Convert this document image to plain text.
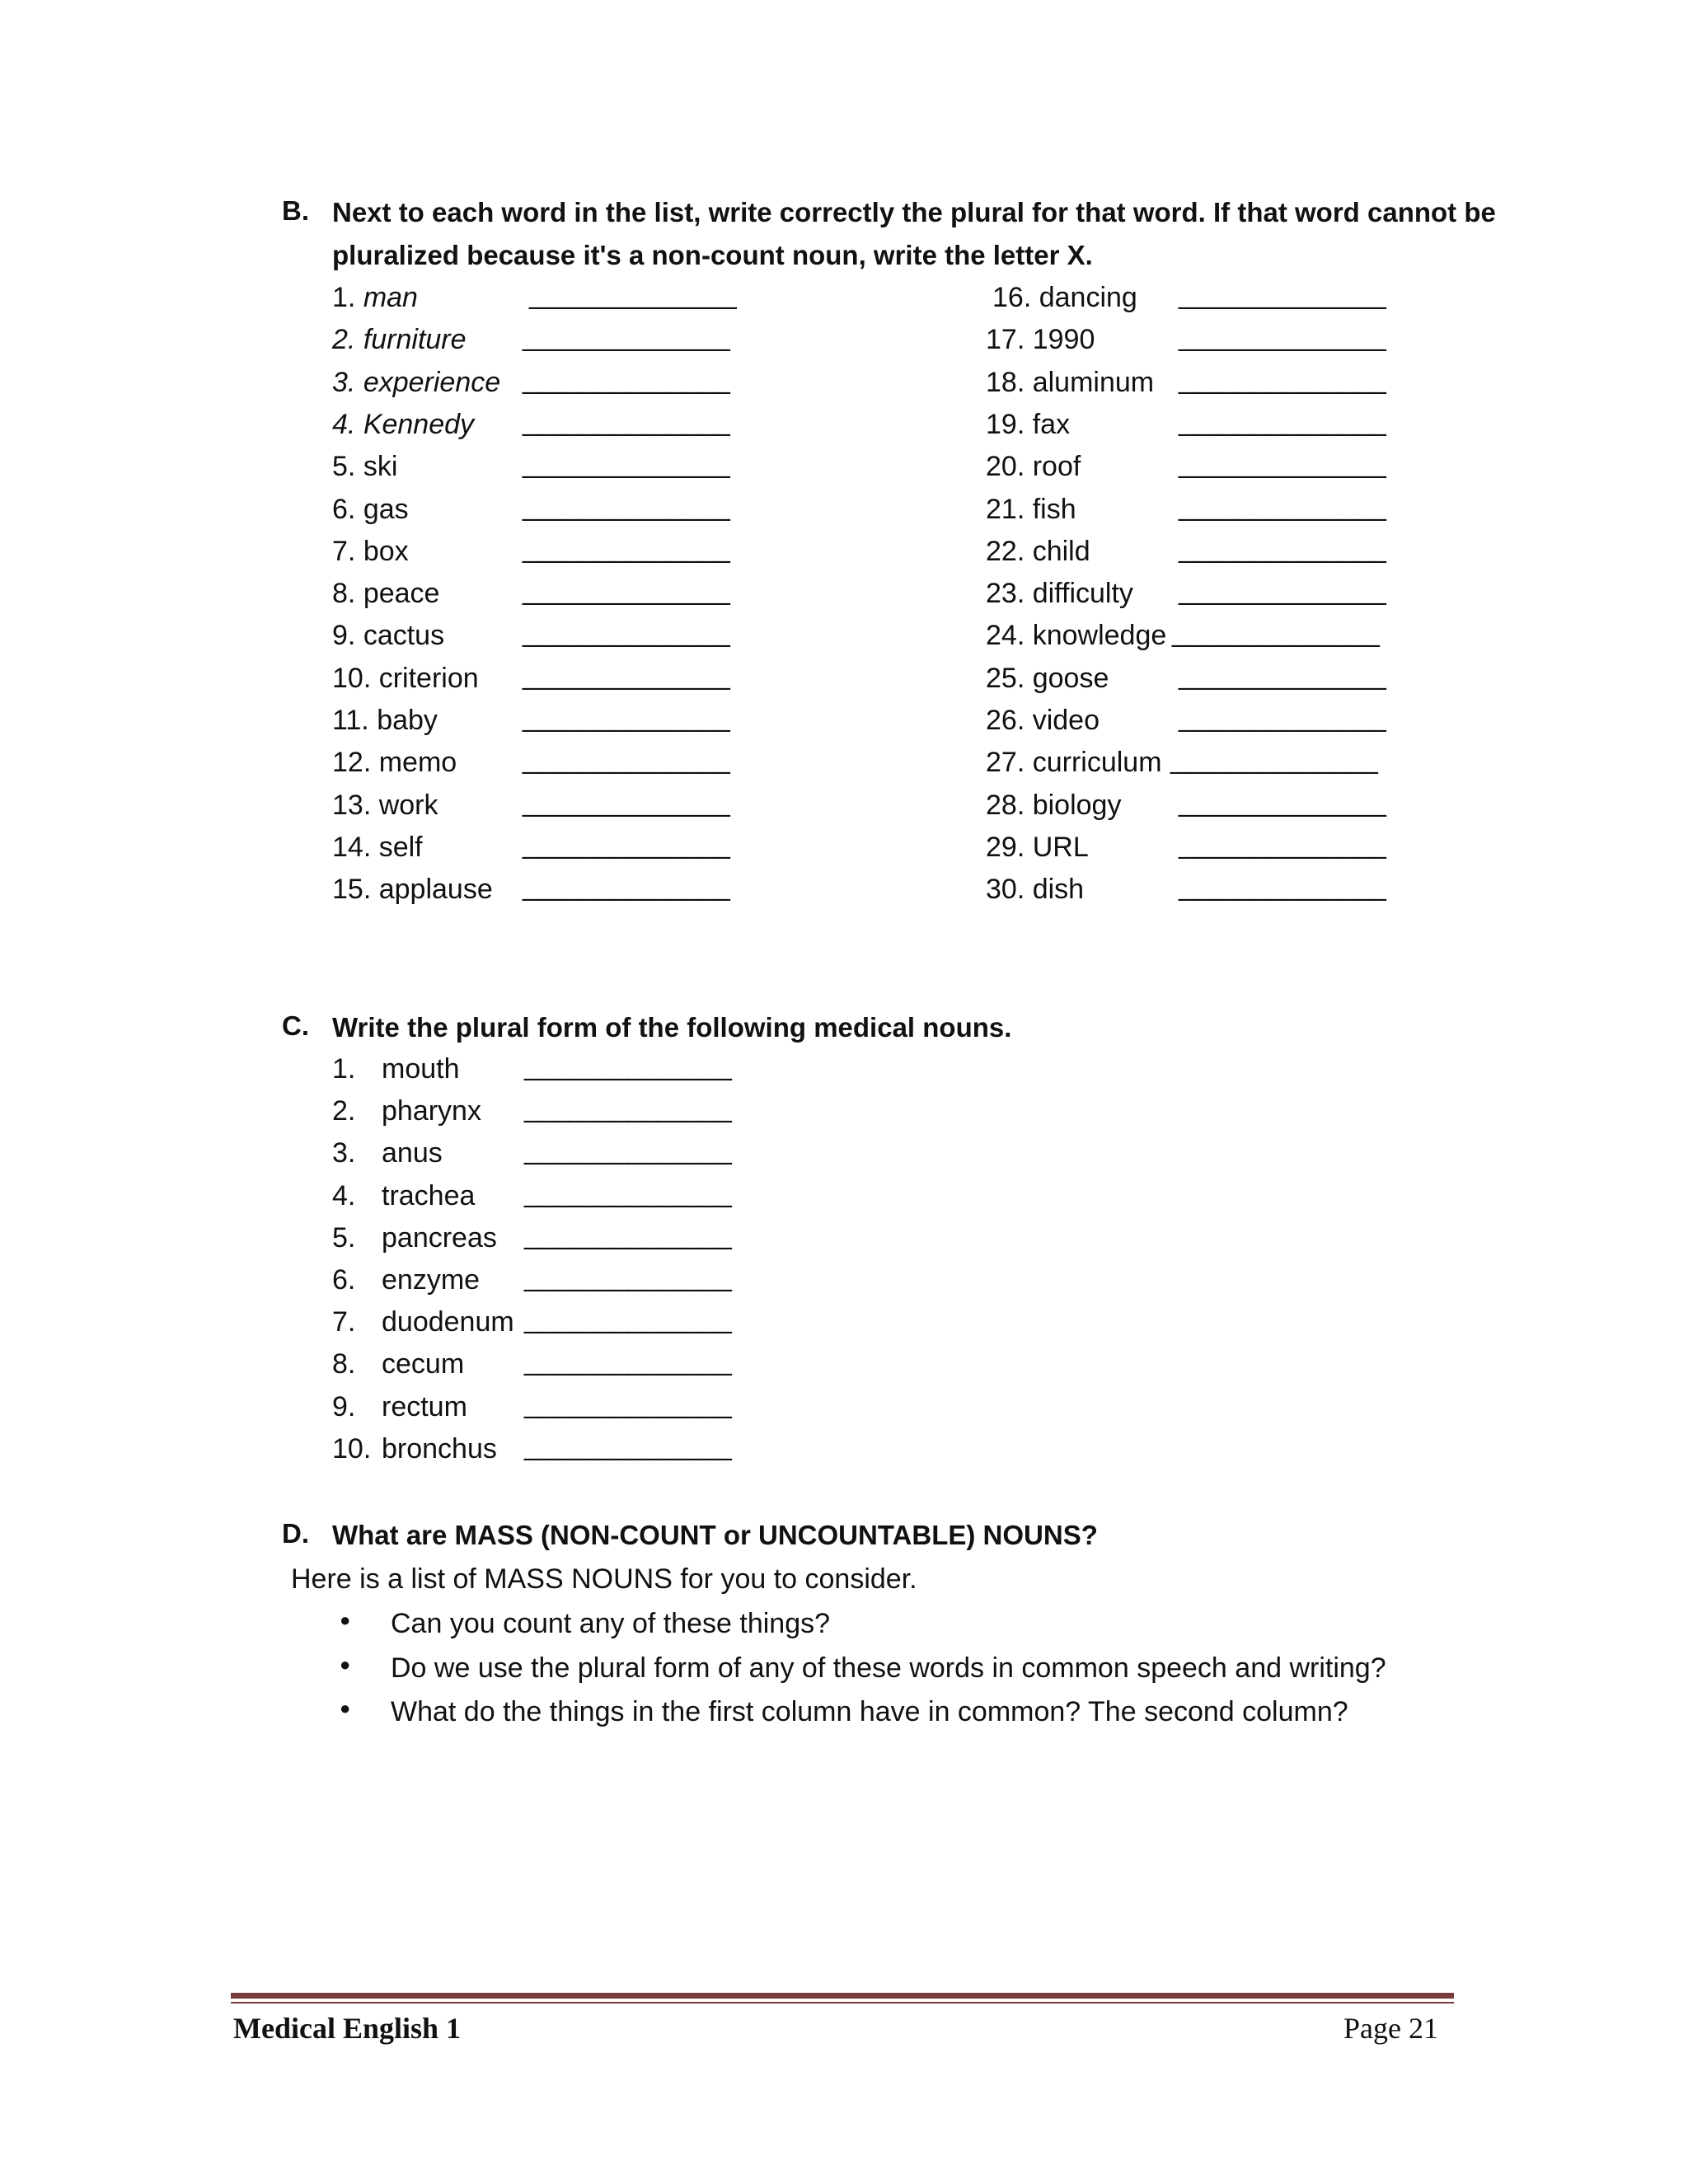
B. Next to each word in the list, write correctly the plural for that word. If that word cannot be pluralized because it's a non-count noun, write the letter X.
1. man	______________
2. furniture ______________
3. experience ______________
4. Kennedy ______________
5. ski	______________
6. gas	______________
7. box	______________
8. peace	______________
9. cactus	______________
10. criterion ______________
11. baby	______________
12. memo ______________
13. work	______________
14. self	______________
15. applause ______________
16. dancing ______________
17. 1990	______________
18. aluminum ______________
19. fax	______________
20. roof	______________
21. fish	______________
22. child	______________
23. difficulty ______________
24. knowledge ______________
25. goose ______________
26. video	______________
27. curriculum ______________
28. biology ______________
29. URL	______________
30. dish	______________
C. Write the plural form of the following medical nouns.
1. mouth ______________
2. pharynx ______________
3. anus	______________
4. trachea ______________
5. pancreas ______________
6. enzyme ______________
7. duodenum ______________
8. cecum ______________
9. rectum ______________
10. bronchus ______________
D. What are MASS (NON-COUNT or UNCOUNTABLE) NOUNS?
Here is a list of MASS NOUNS for you to consider.
● Can you count any of these things?
● Do we use the plural form of any of these words in common speech and writing?
● What do the things in the first column have in common? The second column?
Medical English 1	Page 21
